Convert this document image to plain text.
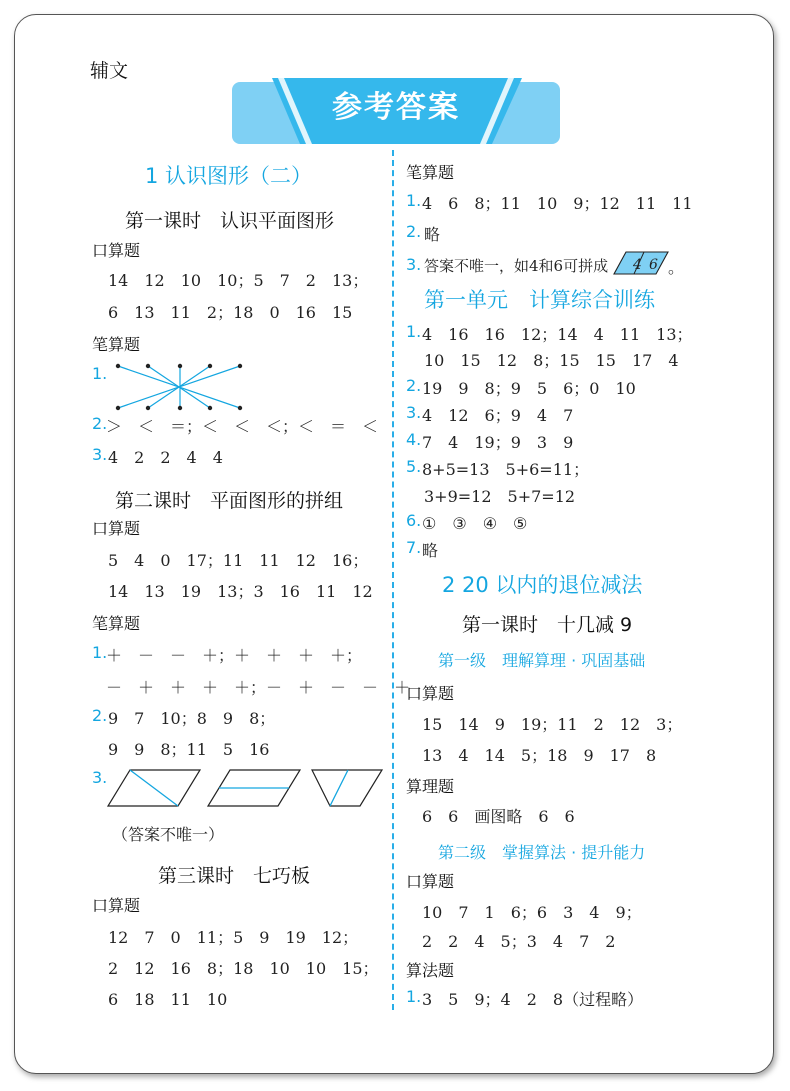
辅文
参考答案
1 认识图形（二）
第一课时　认识平面图形
口算题
14　12　10　10；5　7　2　13；
6　13　11　2；18　0　16　15
笔算题
1.
2.
＞　＜　＝；＜　＜　＜；＜　＝　＜
3. 4　2　2　4　4
第二课时　平面图形的拼组
口算题
5　4　0　17；11　11　12　16；
14　13　19　13；3　16　11　12
笔算题
1.
＋　－　－　＋；＋　＋　＋　＋；
－　＋　＋　＋　＋；－　＋　－　－　＋
2. 9　7　10；8　9　8；
9　9　8；11　5　16
3.
（答案不唯一）
第三课时　七巧板
口算题
12　7　0　11；5　9　19　12；
2　12　16　8；18　10　10　15；
6　18　11　10
笔算题
1. 4　6　8；11　10　9；12　11　11
2. 略
3. 答案不唯一，如4和6可拼成 4 6 。
第一单元　计算综合训练
1. 4　16　16　12；14　4　11　13；
10　15　12　8；15　15　17　4
2. 19　9　8；9　5　6；0　10
3. 4　12　6；9　4　7
4. 7　4　19；9　3　9
5. 8+5=13　5+6=11；
3+9=12　5+7=12
6. ①　③　④　⑤
7. 略
2 20 以内的退位减法
第一课时　十几减 9
第一级　理解算理 · 巩固基础
口算题
15　14　9　19；11　2　12　3；
13　4　14　5；18　9　17　8
算理题
6　6　画图略　6　6
第二级　掌握算法 · 提升能力
口算题
10　7　1　6；6　3　4　9；
2　2　4　5；3　4　7　2
算法题
1. 3　5　9；4　2　8（过程略）
